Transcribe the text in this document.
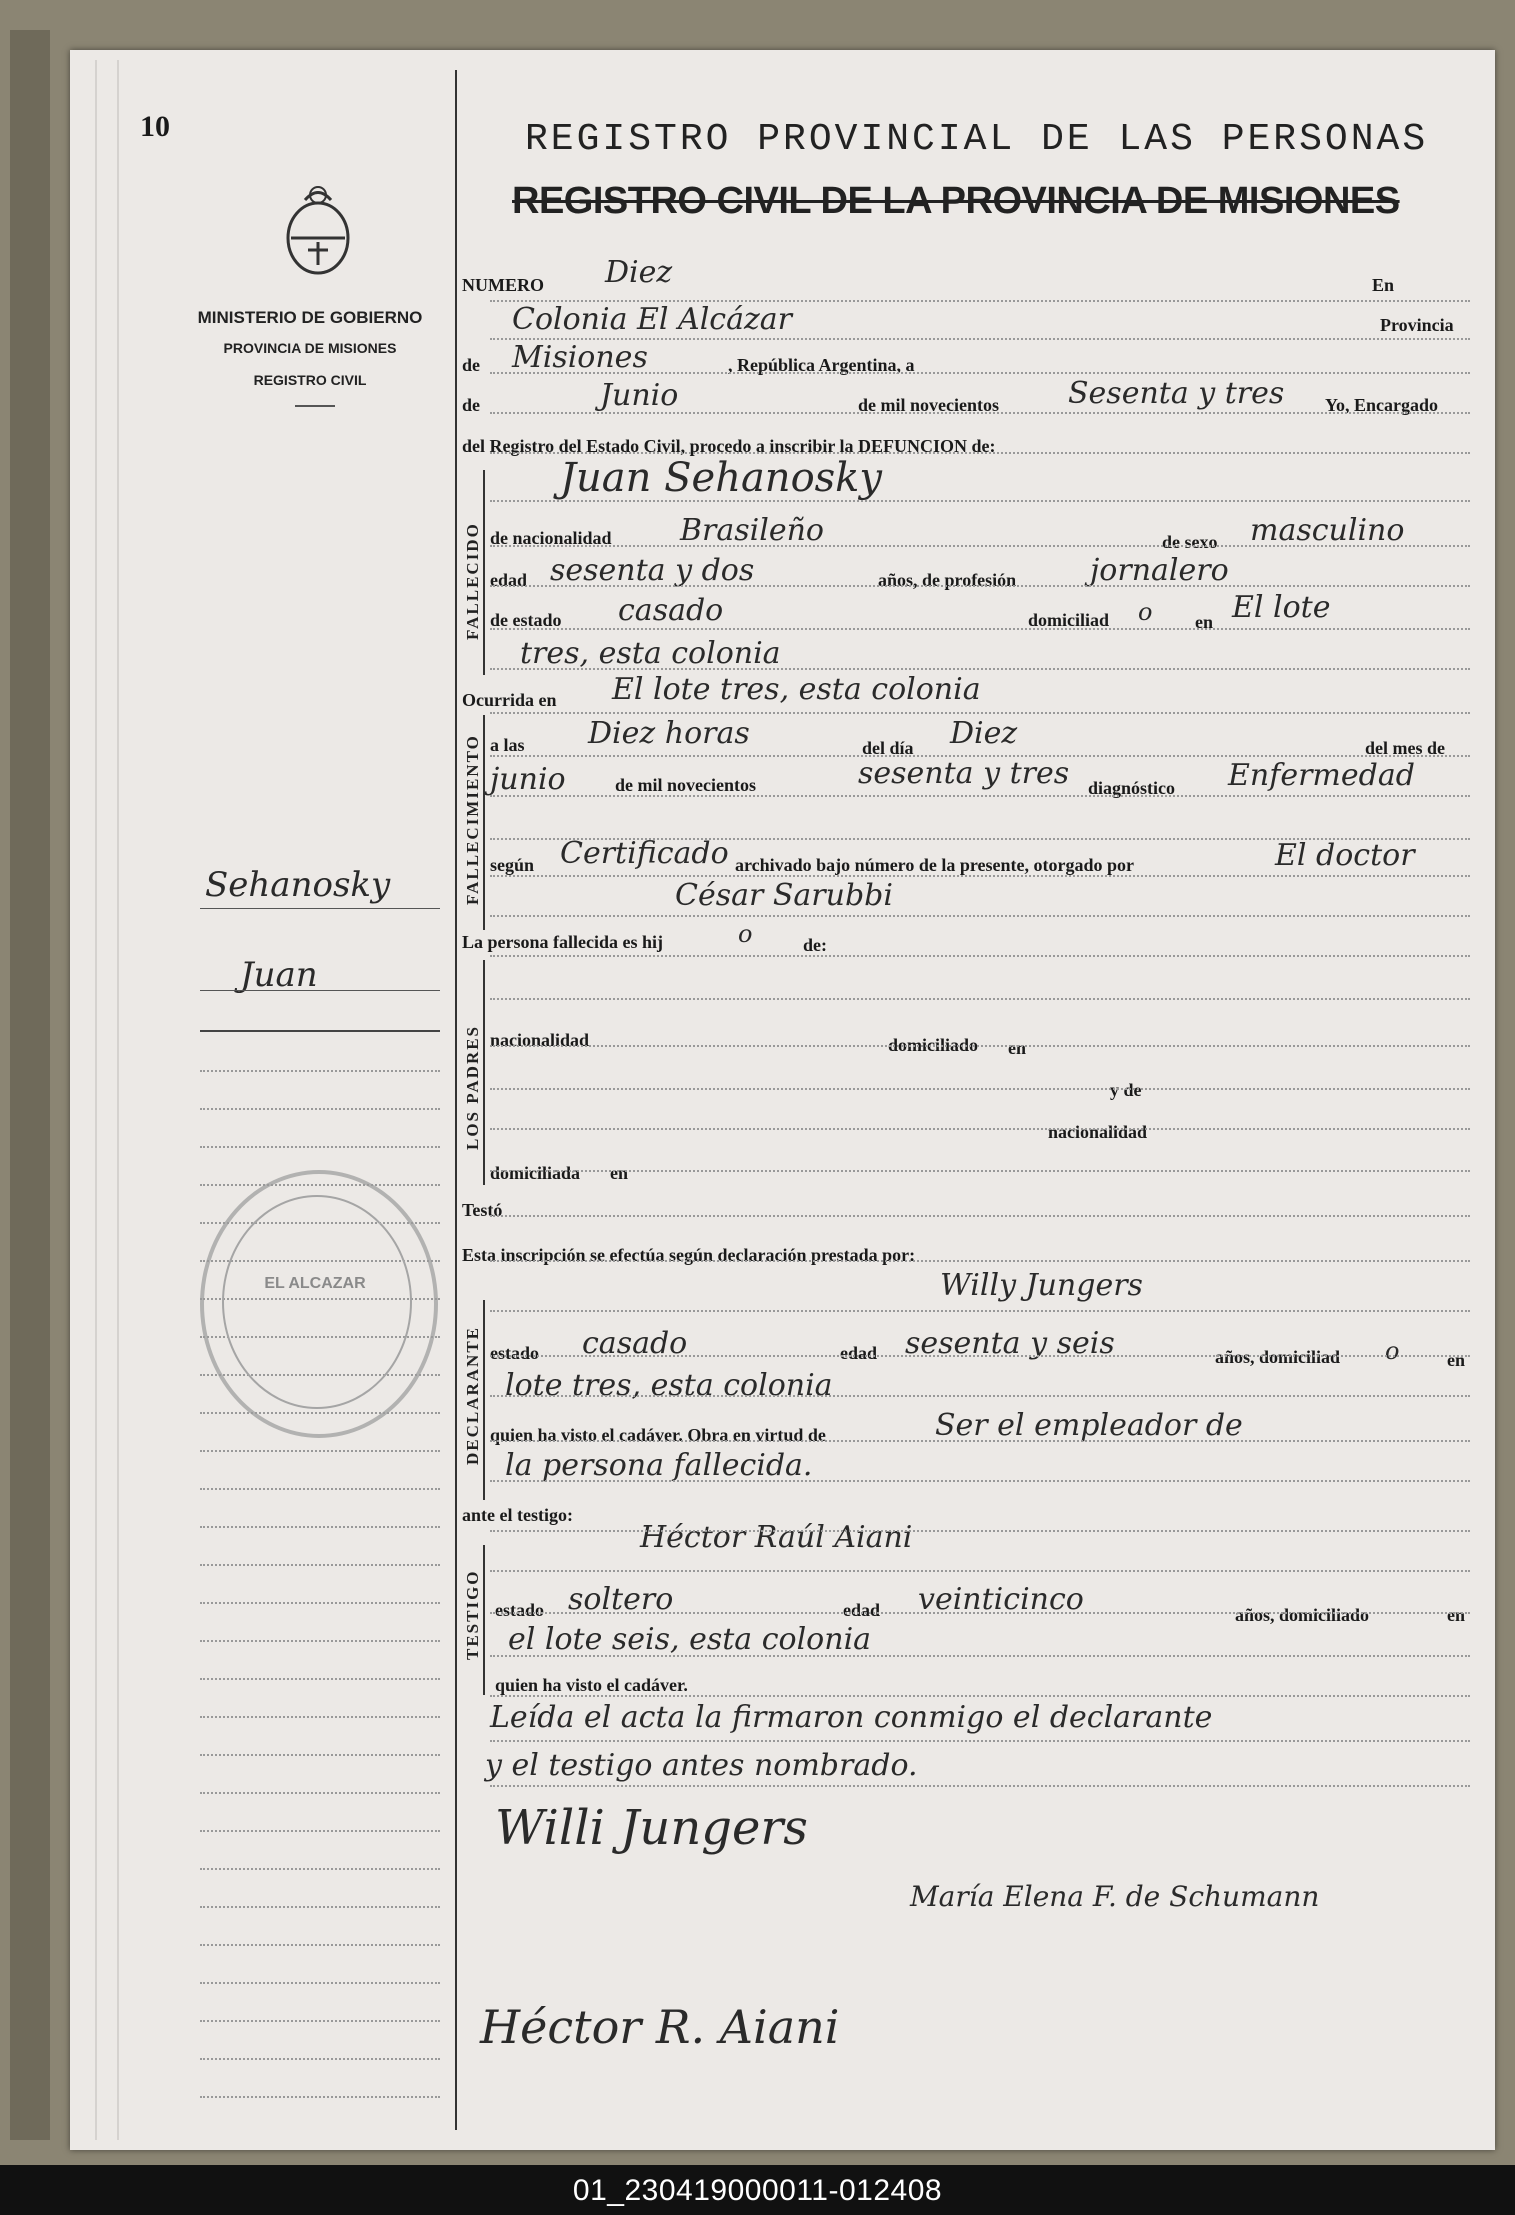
10
MINISTERIO DE GOBIERNO
PROVINCIA DE MISIONES
REGISTRO CIVIL
Sehanosky
Juan
EL ALCAZAR
REGISTRO PROVINCIAL DE LAS PERSONAS
REGISTRO CIVIL DE LA PROVINCIA DE MISIONES
NUMERO Diez	En
Colonia El Alcázar	Provincia
de Misiones	, República Argentina, a
de	Junio	de mil novecientos Sesenta y tres Yo, Encargado
del Registro del Estado Civil, procedo a inscribir la DEFUNCION de:
FALLECIDO
Juan Sehanosky
de nacionalidad Brasileño	de sexo masculino
edad sesenta y dos	años, de profesión jornalero
de estado casado	domiciliad o en El lote
tres, esta colonia
Ocurrida en El lote tres, esta colonia
FALLECIMIENTO a las Diez horas	del día Diez	del mes de
junio	de mil novecientos	sesenta y tres diagnóstico Enfermedad
según Certificado archivado bajo número de la presente, otorgado por	El doctor
César Sarubbi
La persona fallecida es hij	o	de:
LOS PADRES nacionalidad	domiciliado en
y de
nacionalidad
domiciliada en
Testó
Esta inscripción se efectúa según declaración prestada por:
Willy Jungers
DECLARANTE estado casado	edad sesenta y seis	años, domiciliad o	en
lote tres, esta colonia
quien ha visto el cadáver. Obra en virtud de	Ser el empleador de
la persona fallecida.
ante el testigo:
Héctor Raúl Aiani
TESTIGO estado soltero	edad veinticinco	años, domiciliado	en
el lote seis, esta colonia
quien ha visto el cadáver.
Leída el acta la firmaron conmigo el declarante
y el testigo antes nombrado.
Willi Jungers
María Elena F. de Schumann
Héctor R. Aiani
01_230419000011-012408
